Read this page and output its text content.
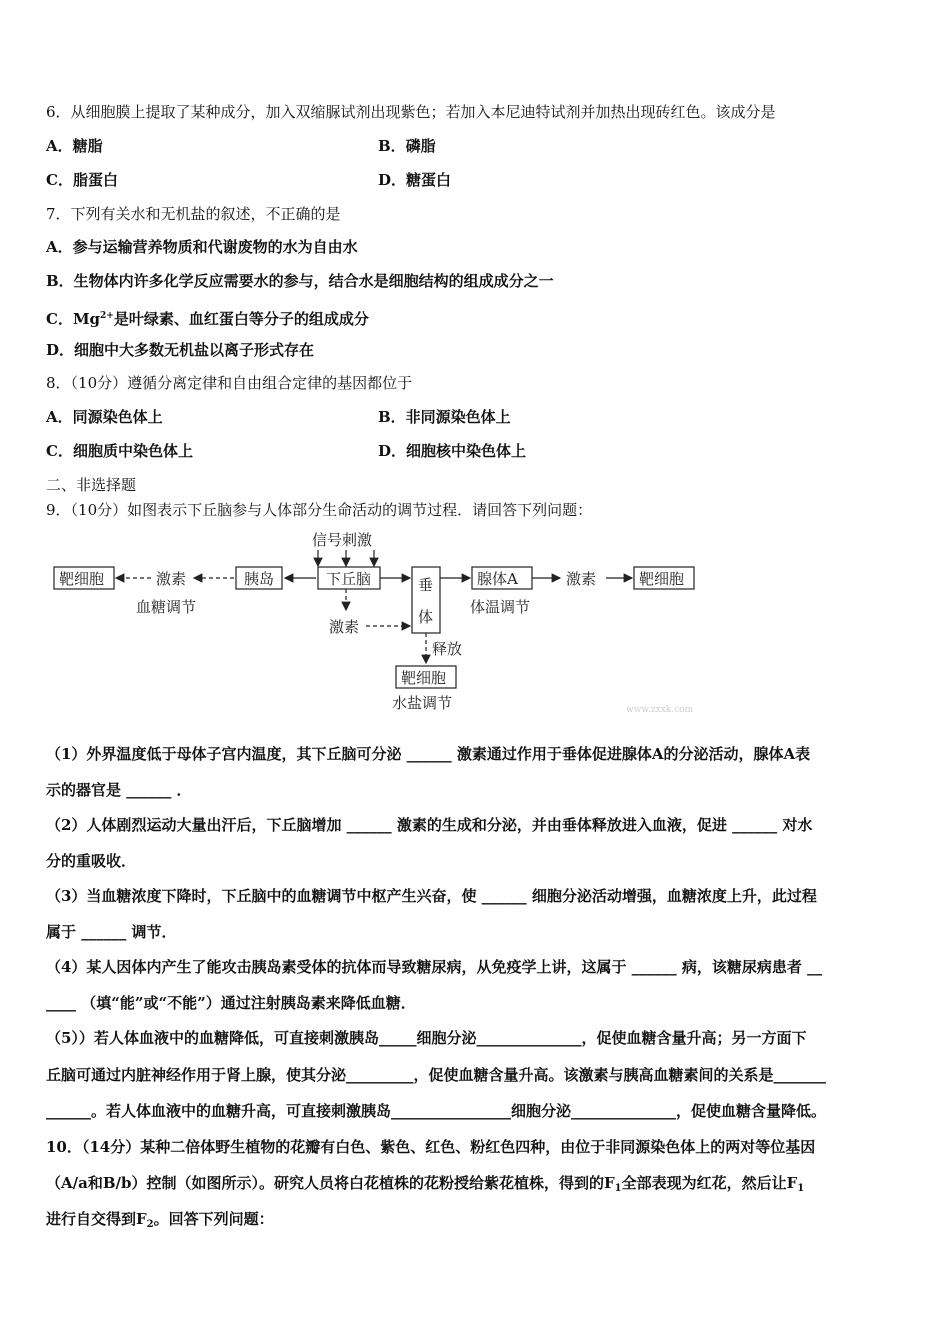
6．从细胞膜上提取了某种成分，加入双缩脲试剂出现紫色；若加入本尼迪特试剂并加热出现砖红色。该成分是
A．糖脂	B．磷脂
C．脂蛋白	D．糖蛋白
7．下列有关水和无机盐的叙述，不正确的是
A．参与运输营养物质和代谢废物的水为自由水
B．生物体内许多化学反应需要水的参与，结合水是细胞结构的组成成分之一
C．$Mg^{2+}$是叶绿素、血红蛋白等分子的组成成分
D．细胞中大多数无机盐以离子形式存在
8．（10分）遵循分离定律和自由组合定律的基因都位于
A．同源染色体上	B．非同源染色体上
C．细胞质中染色体上	D．细胞核中染色体上
二、非选择题
9．（10分）如图表示下丘脑参与人体部分生命活动的调节过程．请回答下列问题：
信号刺激
靶细胞	激素	胰岛
血糖调节
下丘脑	垂
体
激素
腺体A
体温调节
激素	靶细胞
释放
靶细胞
水盐调节	www.zxxk.com
（1）外界温度低于母体子宫内温度，其下丘脑可分泌 ______ 激素通过作用于垂体促进腺体A的分泌活动，腺体A表
示的器官是 ______ ．
（2）人体剧烈运动大量出汗后，下丘脑增加 ______ 激素的生成和分泌，并由垂体释放进入血液，促进 ______ 对水
分的重吸收．
（3）当血糖浓度下降时，下丘脑中的血糖调节中枢产生兴奋，使 ______ 细胞分泌活动增强，血糖浓度上升，此过程
属于 ______ 调节．
（4）某人因体内产生了能攻击胰岛素受体的抗体而导致糖尿病，从免疫学上讲，这属于 ______ 病，该糖尿病患者 __
____ （填“能”或“不能”）通过注射胰岛素来降低血糖．
（5））若人体血液中的血糖降低，可直接刺激胰岛_____细胞分泌______________，促使血糖含量升高；另一方面下
丘脑可通过内脏神经作用于肾上腺，使其分泌_________，促使血糖含量升高。该激素与胰高血糖素间的关系是_______
______。若人体血液中的血糖升高，可直接刺激胰岛________________细胞分泌______________，促使血糖含量降低。
10．（14分）某种二倍体野生植物的花瓣有白色、紫色、红色、粉红色四种，由位于非同源染色体上的两对等位基因
（A/a和B/b）控制（如图所示）。研究人员将白花植株的花粉授给紫花植株，得到的$F_1$全部表现为红花，然后让$F_1$
进行自交得到$F_2$。回答下列问题：
